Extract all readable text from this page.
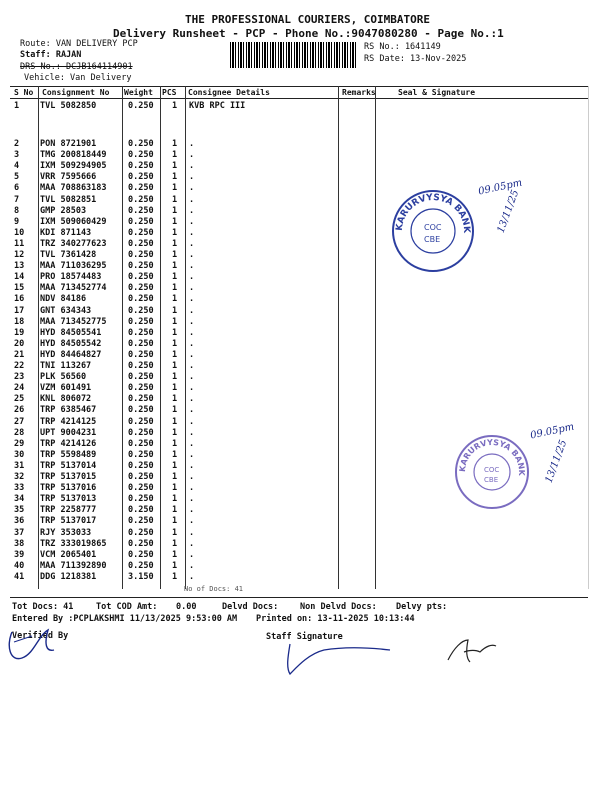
THE PROFESSIONAL COURIERS, COIMBATORE
Delivery Runsheet - PCP - Phone No.:9047080280 - Page No.:1
Route: VAN DELIVERY PCP
Staff: RAJAN
DRS No.: DCJB164114901
Vehicle: Van Delivery
RS No.: 1641149
RS Date: 13-Nov-2025
S No Consignment No Weight PCS Consignee Details	Remarks	Seal & Signature
1 TVL 5082850	0.250 1 KVB RPC III
2 PON 8721901	0.250 1 .
3 TMG 200818449	0.250 1 .
4 IXM 509294905	0.250 1 .
5 VRR 7595666	0.250 1 .
6 MAA 708863183	0.250 1 .
7 TVL 5082851	0.250 1 .
8 GMP 28503	0.250 1 .
9 IXM 509060429	0.250 1 .
10 KDI 871143	0.250 1 .
11 TRZ 340277623	0.250 1 .
12 TVL 7361428	0.250 1 .
13 MAA 711036295	0.250 1 .
14 PRO 18574483	0.250 1 .
15 MAA 713452774	0.250 1 .
16 NDV 84186	0.250 1 .
17 GNT 634343	0.250 1 .
18 MAA 713452775	0.250 1 .
19 HYD 84505541	0.250 1 .
20 HYD 84505542	0.250 1 .
21 HYD 84464827	0.250 1 .
22 TNI 113267	0.250 1 .
23 PLK 56560	0.250 1 .
24 VZM 601491	0.250 1 .
25 KNL 806072	0.250 1 .
26 TRP 6385467	0.250 1 .
27 TRP 4214125	0.250 1 .
28 UPT 9004231	0.250 1 .
29 TRP 4214126	0.250 1 .
30 TRP 5598489	0.250 1 .
31 TRP 5137014	0.250 1 .
32 TRP 5137015	0.250 1 .
33 TRP 5137016	0.250 1 .
34 TRP 5137013	0.250 1 .
35 TRP 2258777	0.250 1 .
36 TRP 5137017	0.250 1 .
37 RJY 353033	0.250 1 .
38 TRZ 333019865	0.250 1 .
39 VCM 2065401	0.250 1 .
40 MAA 711392890	0.250 1 .
41 DDG 1218381	3.150 1 .
No of Docs: 41
Tot Docs: 41	Tot COD Amt: 0.00	Delvd Docs:	Non Delvd Docs: Delvy pts:
Entered By :PCPLAKSHMI 11/13/2025 9:53:00 AM Printed on: 13-11-2025 10:13:44
Verified By	Staff Signature
KARURVYSYA BANK
COC
CBE
09.05pm
13/11/25
KARURVYSYA BANK
COC
CBE
09.05pm
13/11/25
